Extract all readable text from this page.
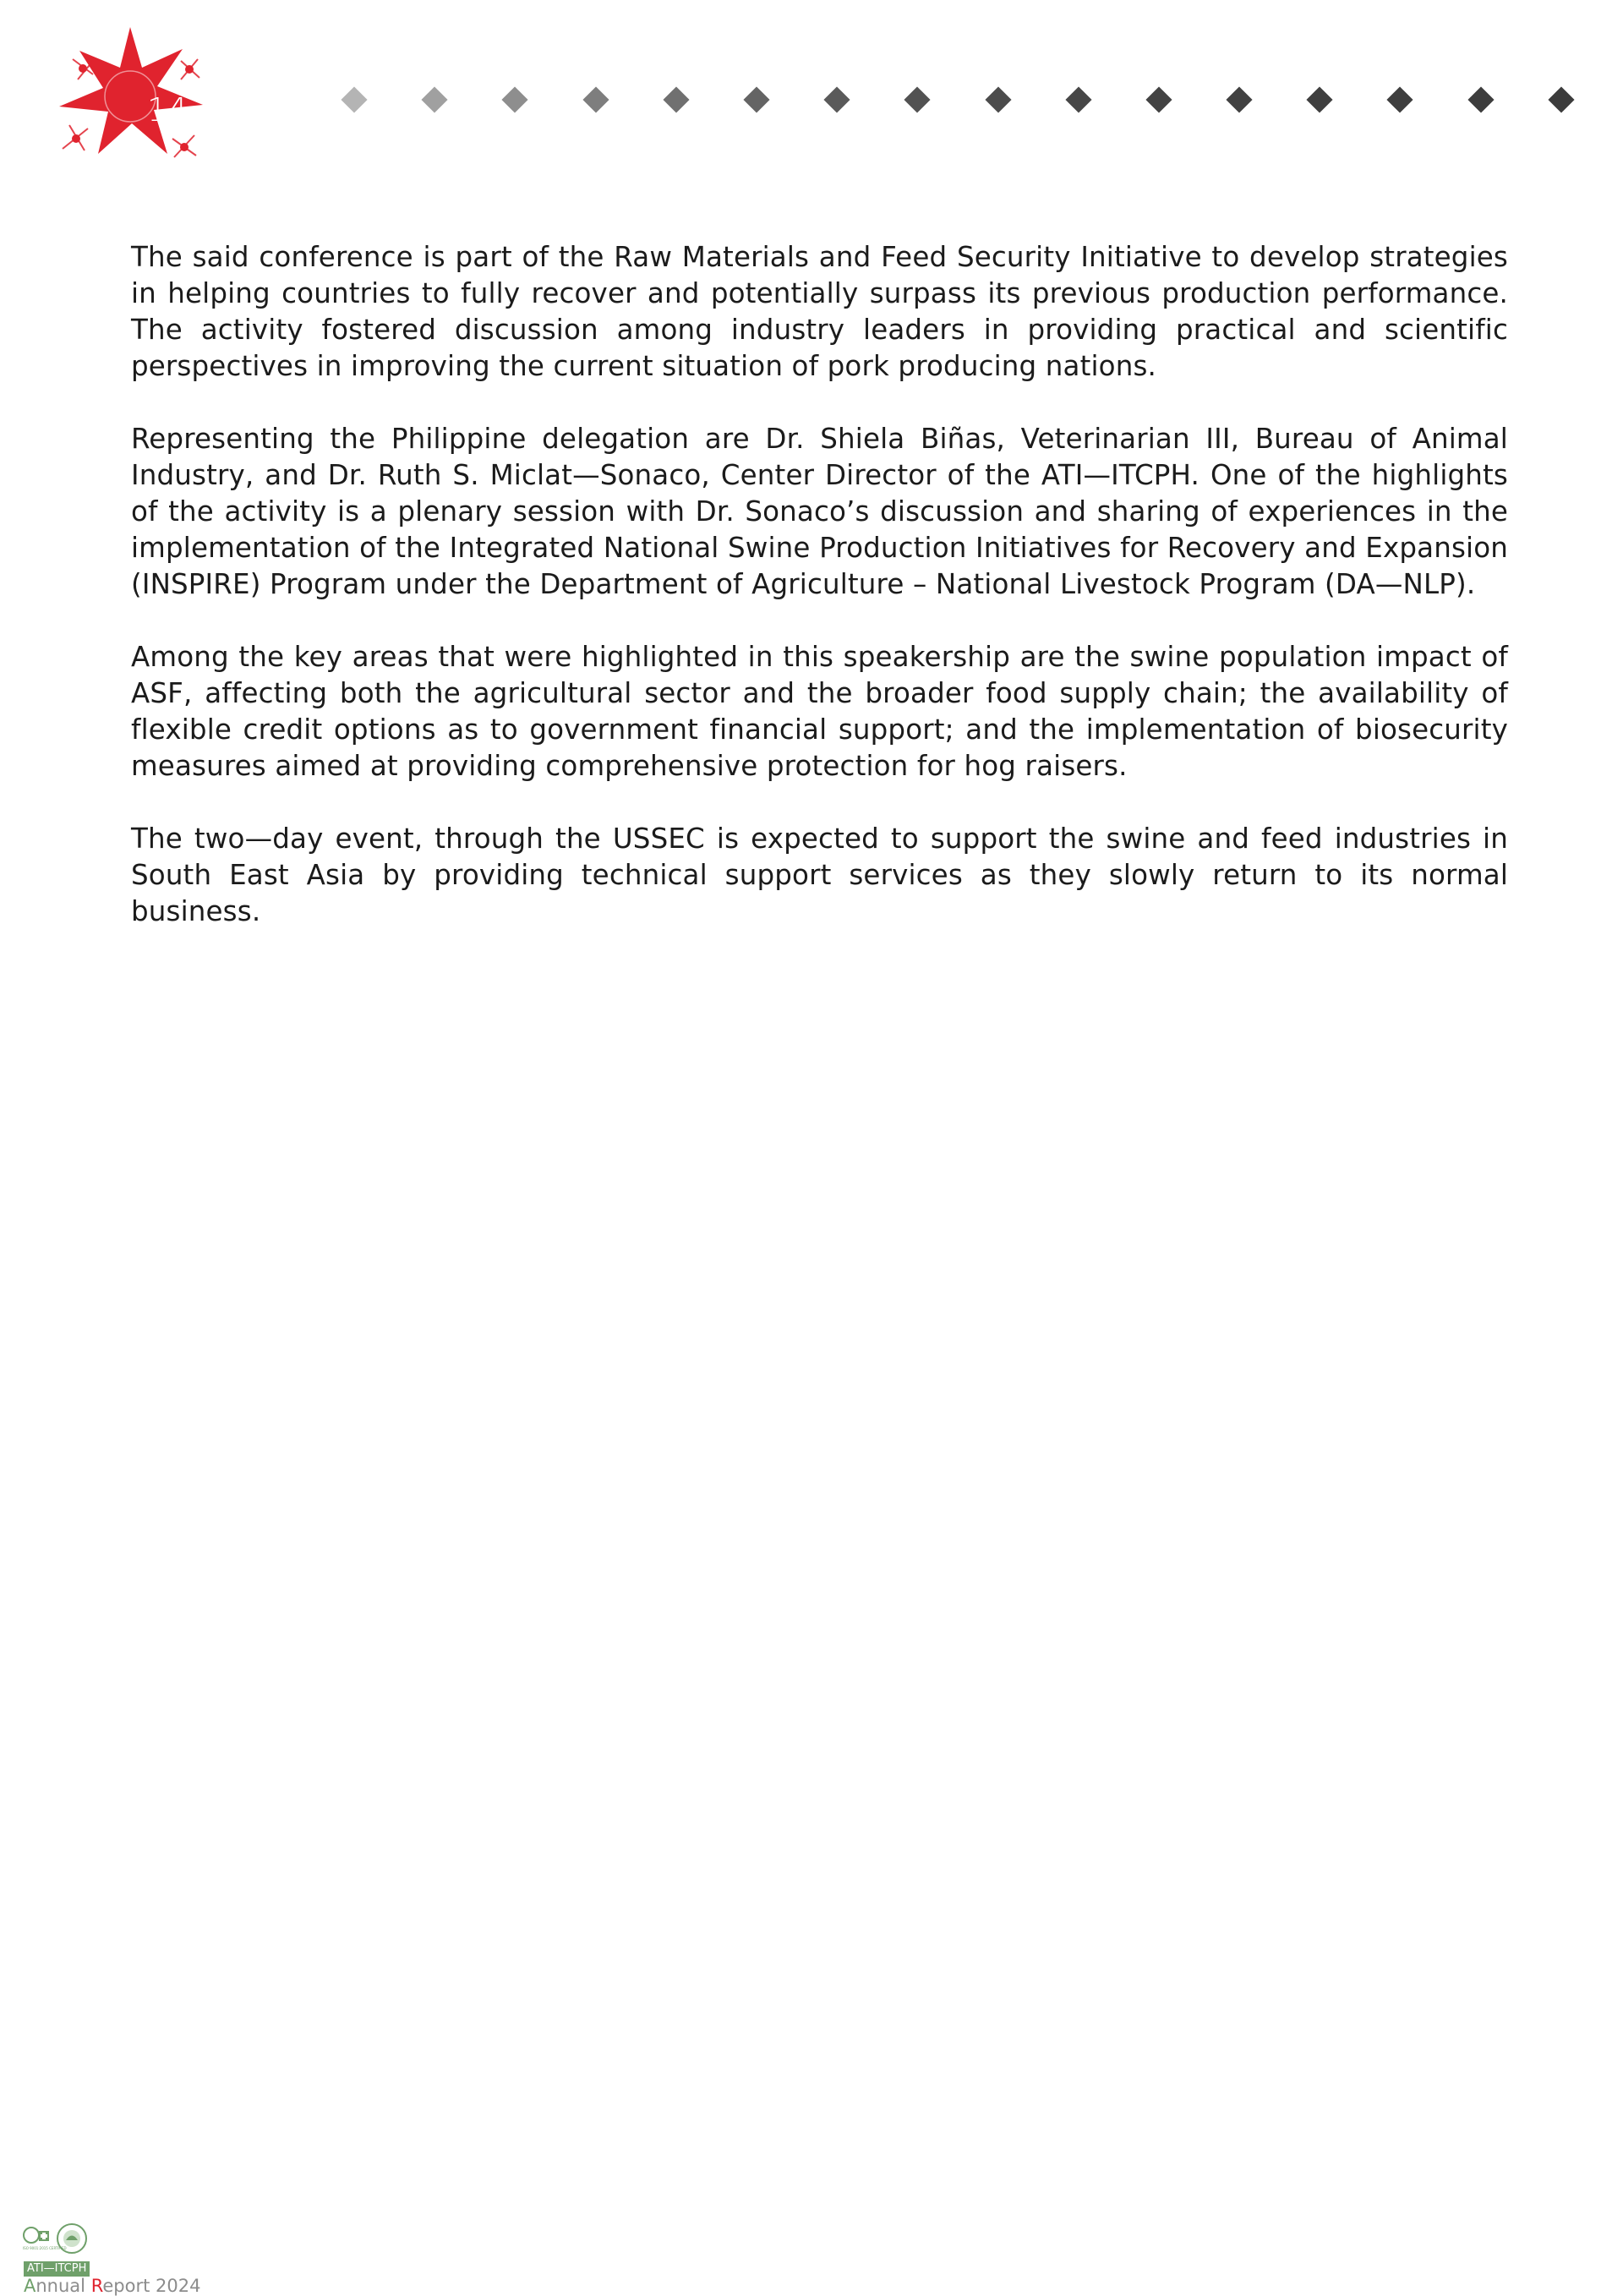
14

The said conference is part of the Raw Materials and Feed Security Initiative to develop strategies in helping countries to fully recover and potentially surpass its previous production performance. The activity fostered discussion among industry leaders in providing practical and scientific perspectives in improving the current situation of pork producing nations.

Representing the Philippine delegation are Dr. Shiela Biñas, Veterinarian III, Bureau of Animal Industry, and Dr. Ruth S. Miclat—Sonaco, Center Director of the ATI—ITCPH. One of the highlights of the activity is a plenary session with Dr. Sonaco’s discussion and sharing of experiences in the implementation of the Integrated National Swine Production Initiatives for Recovery and Expansion (INSPIRE) Program under the Department of Agriculture – National Livestock Program (DA—NLP).

Among the key areas that were highlighted in this speakership are the swine population impact of ASF, affecting both the agricultural sector and the broader food supply chain; the availability of flexible credit options as to government financial support; and the implementation of biosecurity measures aimed at providing comprehensive protection for hog raisers.

The two—day event, through the USSEC is expected to support the swine and feed industries in South East Asia by providing technical support services as they slowly return to its normal business.

ISO 9001:2015 CERTIFIED
ATI—ITCPH
Annual Report 2024
